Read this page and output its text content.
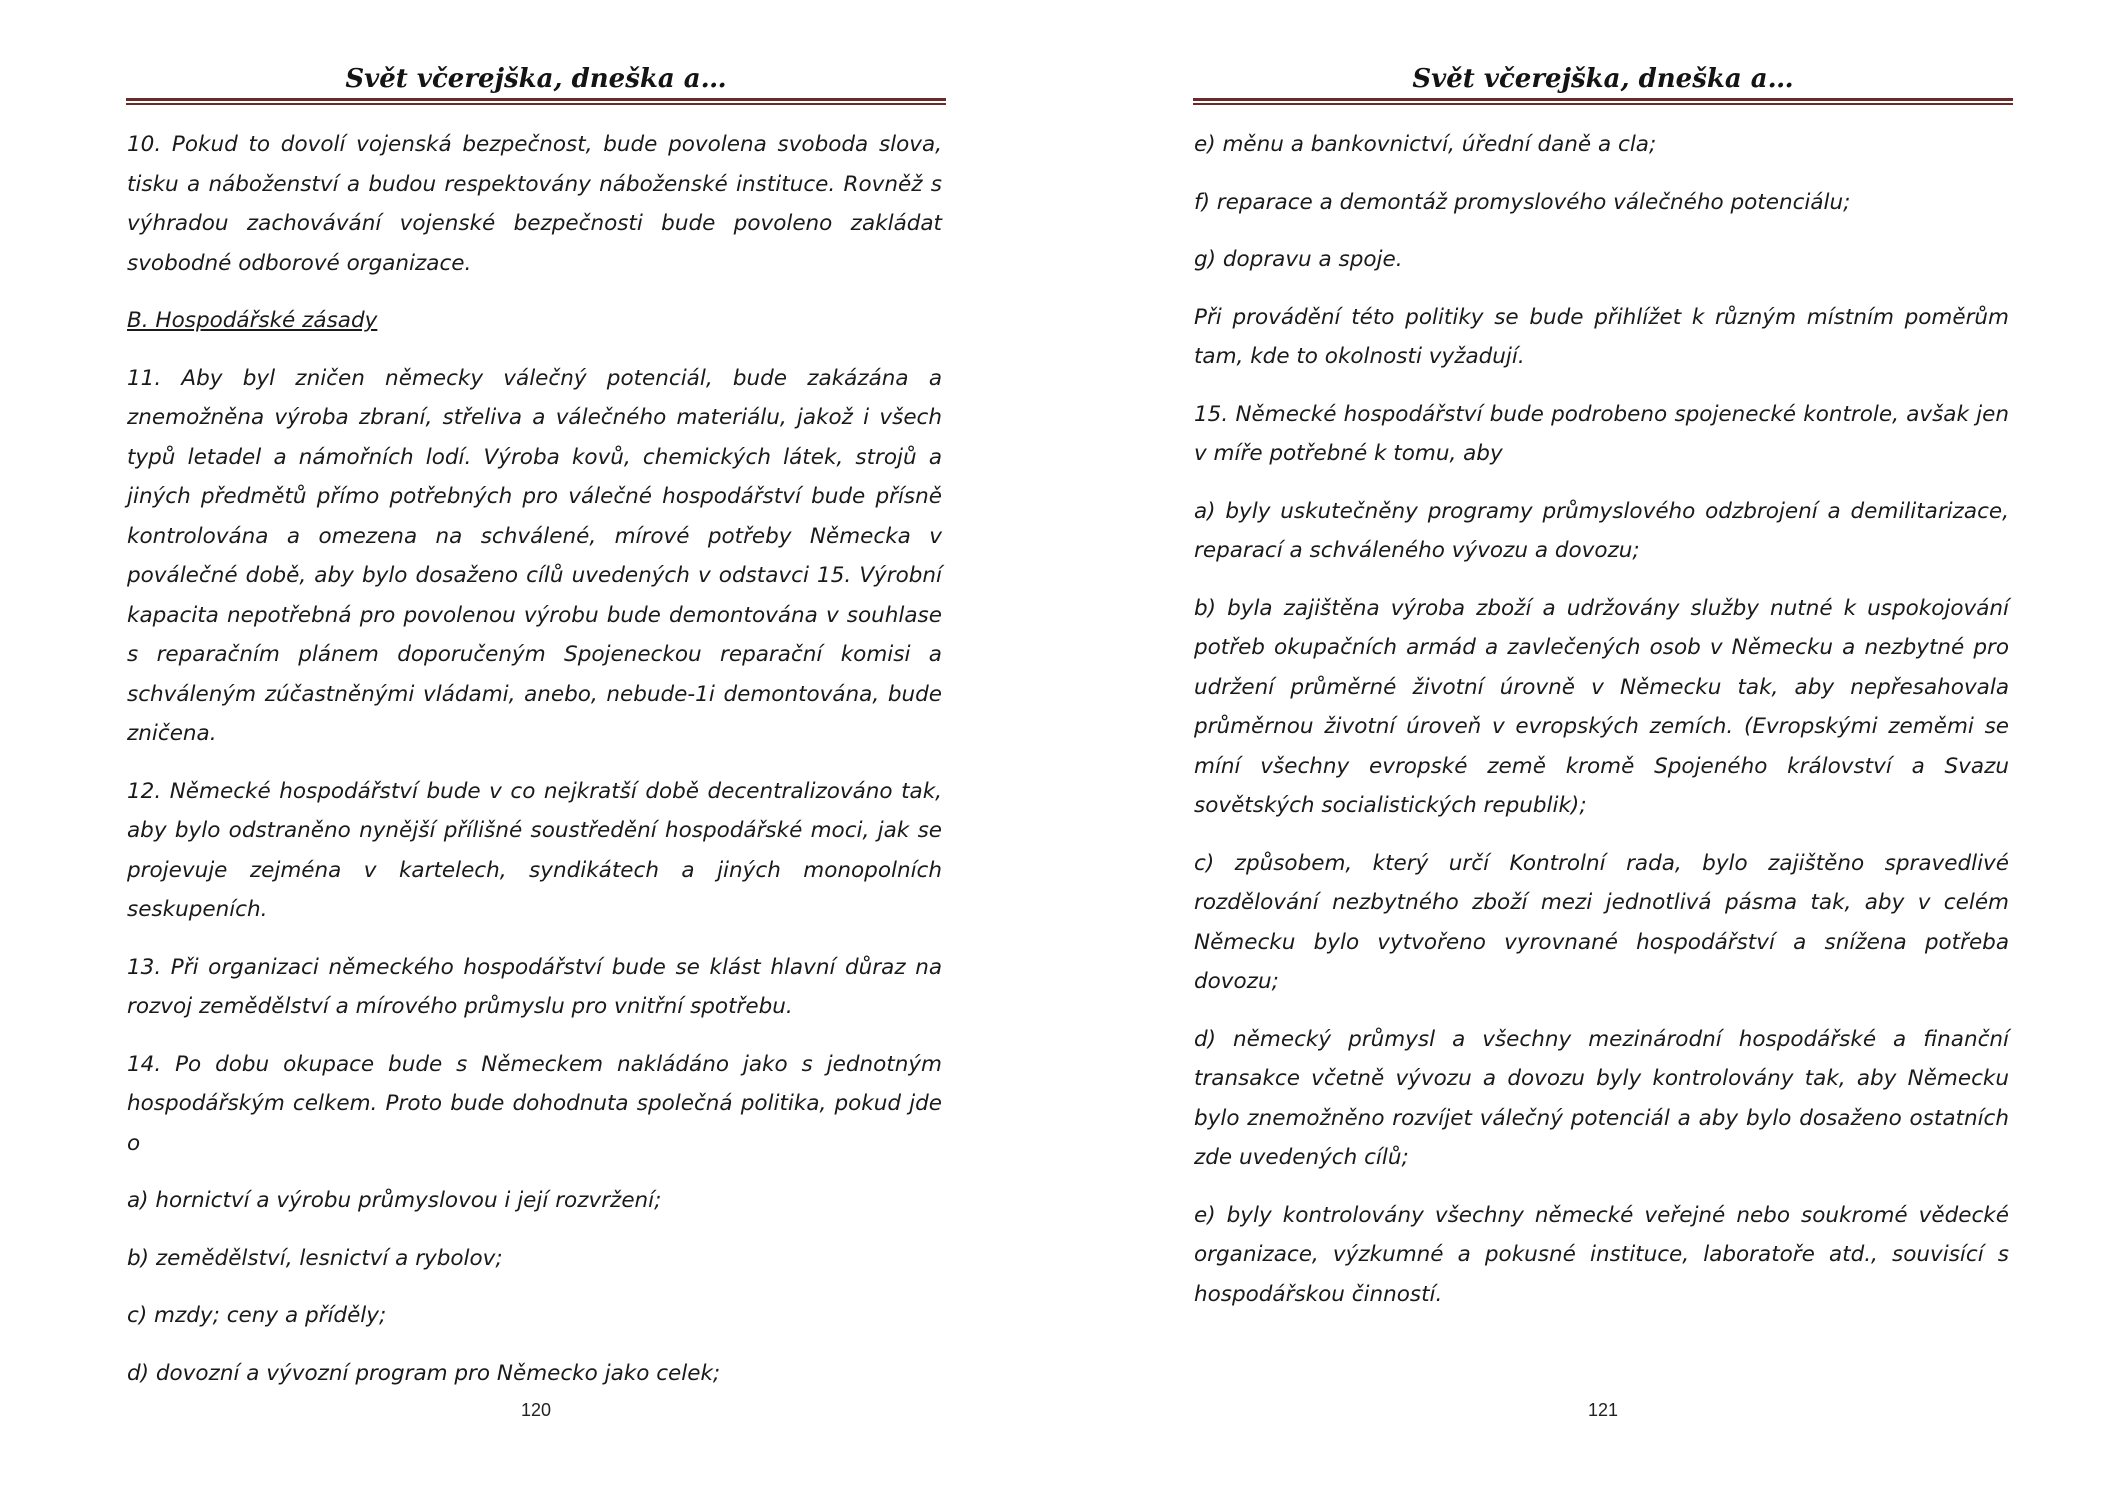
Svět včerejška, dneška a…

10. Pokud to dovolí vojenská bezpečnost, bude povolena svoboda slova, tisku a náboženství a budou respektovány náboženské instituce. Rovněž s výhradou zachovávání vojenské bezpečnosti bude povoleno zakládat svobodné odborové organizace.

B. Hospodářské zásady

11. Aby byl zničen německy válečný potenciál, bude zakázána a znemožněna výroba zbraní, střeliva a válečného materiálu, jakož i všech typů letadel a námořních lodí. Výroba kovů, chemických látek, strojů a jiných předmětů přímo potřebných pro válečné hospodářství bude přísně kontrolována a omezena na schválené, mírové potřeby Německa v poválečné době, aby bylo dosaženo cílů uvedených v odstavci 15. Výrobní kapacita nepotřebná pro povolenou výrobu bude demontována v souhlase s reparačním plánem doporučeným Spojeneckou reparační komisi a schváleným zúčastněnými vládami, anebo, nebude-1i demontována, bude zničena.

12. Německé hospodářství bude v co nejkratší době decentralizováno tak, aby bylo odstraněno nynější přílišné soustředění hospodářské moci, jak se projevuje zejména v kartelech, syndikátech a jiných monopolních seskupeních.

13. Při organizaci německého hospodářství bude se klást hlavní důraz na rozvoj zemědělství a mírového průmyslu pro vnitřní spotřebu.

14. Po dobu okupace bude s Německem nakládáno jako s jednotným hospodářským celkem. Proto bude dohodnuta společná politika, pokud jde o

a) hornictví a výrobu průmyslovou i její rozvržení;

b) zemědělství, lesnictví a rybolov;

c) mzdy; ceny a příděly;

d) dovozní a vývozní program pro Německo jako celek;

120
Svět včerejška, dneška a…

e) měnu a bankovnictví, úřední daně a cla;

f) reparace a demontáž promyslového válečného potenciálu;

g) dopravu a spoje.

Při provádění této politiky se bude přihlížet k různým místním poměrům tam, kde to okolnosti vyžadují.

15. Německé hospodářství bude podrobeno spojenecké kontrole, avšak jen v míře potřebné k tomu, aby

a) byly uskutečněny programy průmyslového odzbrojení a demilitarizace, reparací a schváleného vývozu a dovozu;

b) byla zajištěna výroba zboží a udržovány služby nutné k uspokojování potřeb okupačních armád a zavlečených osob v Německu a nezbytné pro udržení průměrné životní úrovně v Německu tak, aby nepřesahovala průměrnou životní úroveň v evropských zemích. (Evropskými zeměmi se míní všechny evropské země kromě Spojeného království a Svazu sovětských socialistických republik);

c) způsobem, který určí Kontrolní rada, bylo zajištěno spravedlivé rozdělování nezbytného zboží mezi jednotlivá pásma tak, aby v celém Německu bylo vytvořeno vyrovnané hospodářství a snížena potřeba dovozu;

d) německý průmysl a všechny mezinárodní hospodářské a finanční transakce včetně vývozu a dovozu byly kontrolovány tak, aby Německu bylo znemožněno rozvíjet válečný potenciál a aby bylo dosaženo ostatních zde uvedených cílů;

e) byly kontrolovány všechny německé veřejné nebo soukromé vědecké organizace, výzkumné a pokusné instituce, laboratoře atd., souvisící s hospodářskou činností.

121
